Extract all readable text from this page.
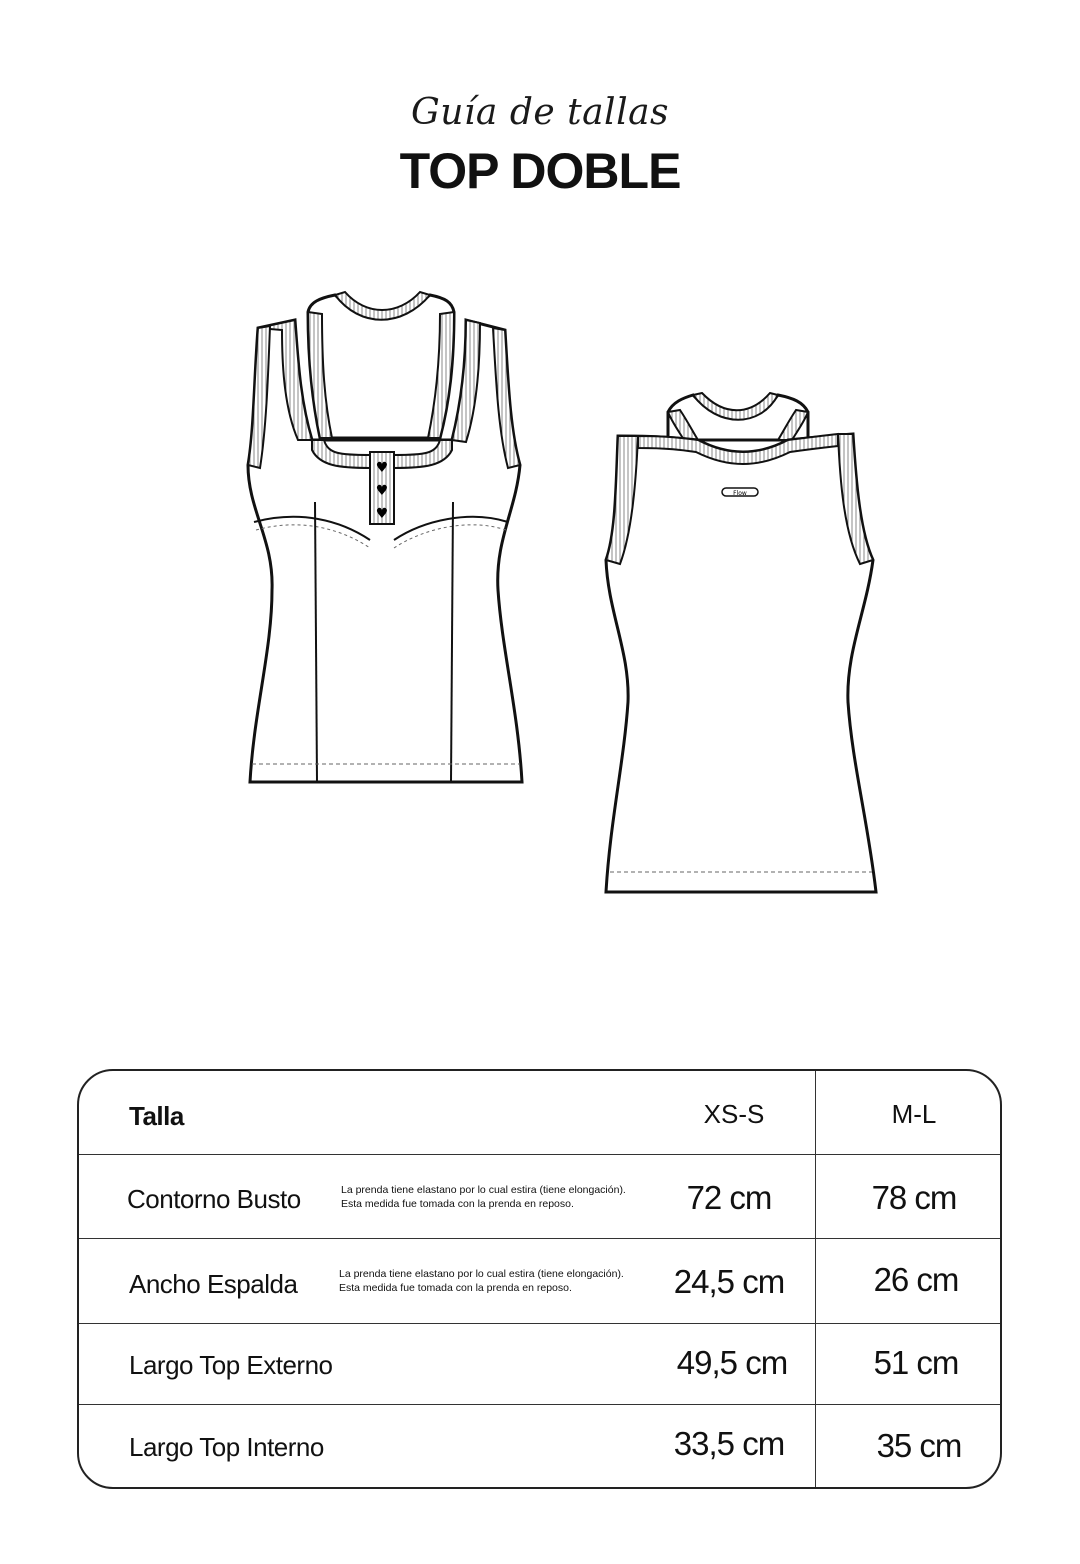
Guía de tallas
TOP DOBLE
♥
♥
♥
Flow
Talla	XS-S	M-L
Contorno Busto	La prenda tiene elastano por lo cual estira (tiene elongación).
Esta medida fue tomada con la prenda en reposo.	72 cm	78 cm
Ancho Espalda	La prenda tiene elastano por lo cual estira (tiene elongación).
Esta medida fue tomada con la prenda en reposo.	24,5 cm	26 cm
Largo Top Externo	49,5 cm	51 cm
Largo Top Interno	33,5 cm	35 cm
